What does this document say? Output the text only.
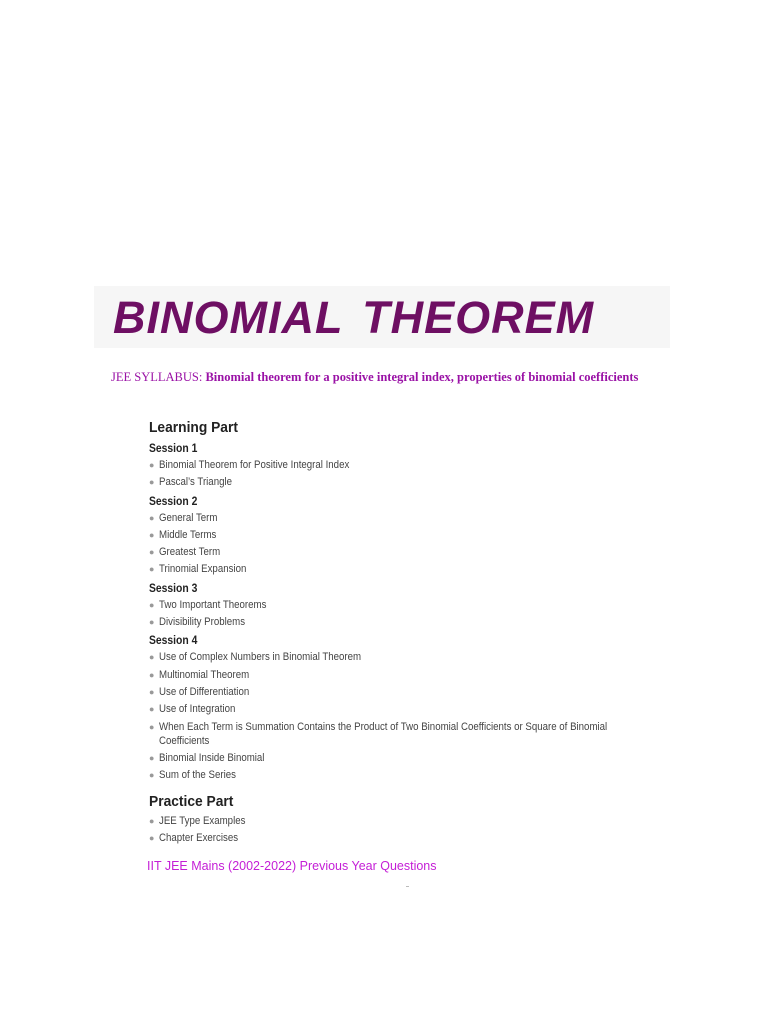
BINOMIAL THEOREM
JEE SYLLABUS: Binomial theorem for a positive integral index, properties of binomial coefficients
Learning Part
Session 1
● Binomial Theorem for Positive Integral Index
● Pascal’s Triangle
Session 2
● General Term
● Middle Terms
● Greatest Term
● Trinomial Expansion
Session 3
● Two Important Theorems
● Divisibility Problems
Session 4
● Use of Complex Numbers in Binomial Theorem
● Multinomial Theorem
● Use of Differentiation
● Use of Integration
● When Each Term is Summation Contains the Product of Two Binomial Coefficients or Square of Binomial Coefficients
● Binomial Inside Binomial
● Sum of the Series
Practice Part
● JEE Type Examples
● Chapter Exercises
IIT JEE Mains (2002-2022) Previous Year Questions
